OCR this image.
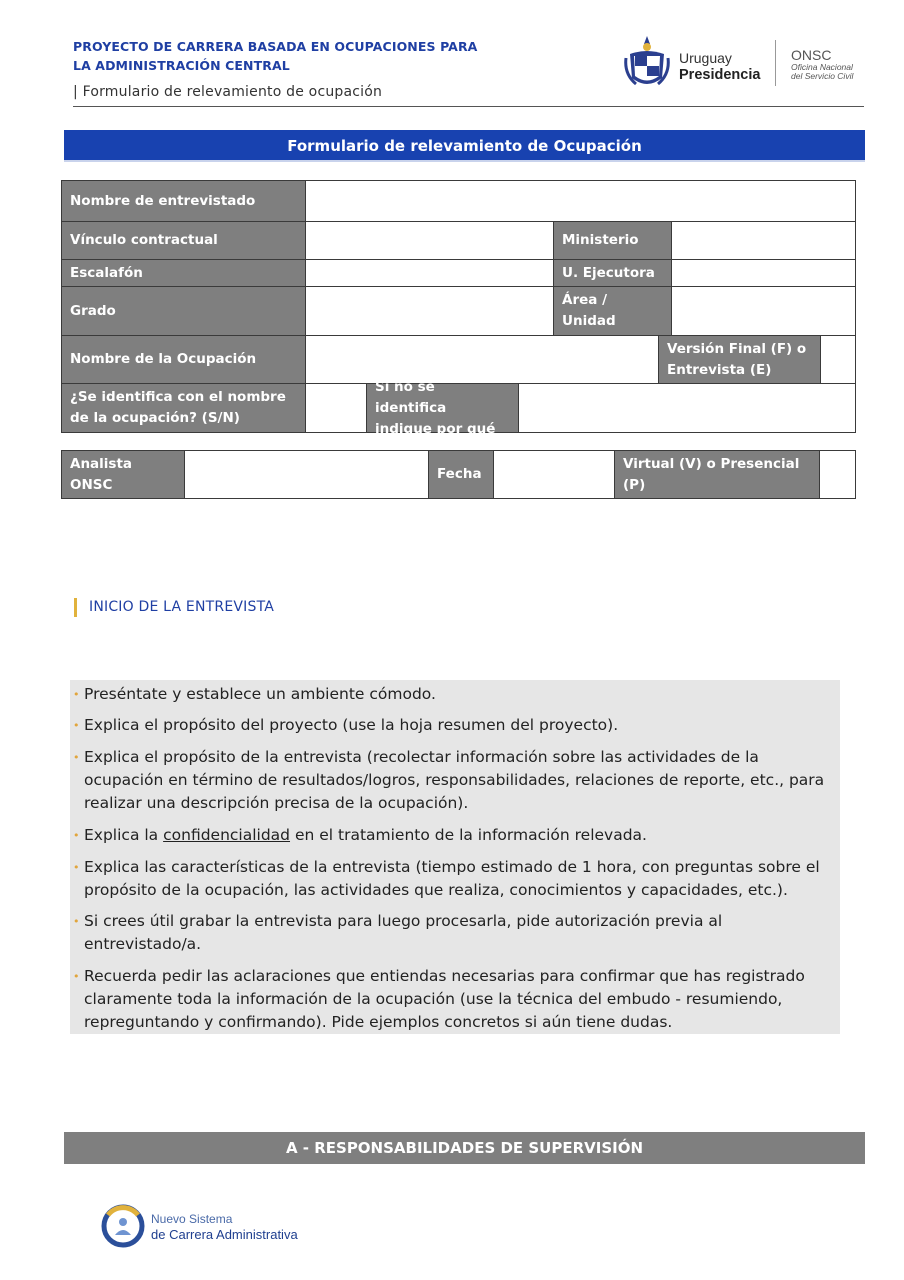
PROYECTO DE CARRERA BASADA EN OCUPACIONES PARA
LA ADMINISTRACIÓN CENTRAL
| Formulario de relevamiento de ocupación
Uruguay
Presidencia
ONSC
Oficina Nacional
del Servicio Civil
Formulario de relevamiento de Ocupación
Nombre de entrevistado
Vínculo contractual	Ministerio
Escalafón	U. Ejecutora
Grado
Área /
Unidad
Nombre de la Ocupación
Versión Final (F) o
Entrevista (E)
¿Se identifica con el nombre
de la ocupación? (S/N)
Si no se identifica
indique por qué
Analista
ONSC
Fecha
Virtual (V) o Presencial
(P)
INICIO DE LA ENTREVISTA
• Preséntate y establece un ambiente cómodo.
• Explica el propósito del proyecto (use la hoja resumen del proyecto).
• Explica el propósito de la entrevista (recolectar información sobre las actividades de la
ocupación en término de resultados/logros, responsabilidades, relaciones de reporte, etc., para
realizar una descripción precisa de la ocupación).
• Explica la confidencialidad en el tratamiento de la información relevada.
• Explica las características de la entrevista (tiempo estimado de 1 hora, con preguntas sobre el
propósito de la ocupación, las actividades que realiza, conocimientos y capacidades, etc.).
• Si crees útil grabar la entrevista para luego procesarla, pide autorización previa al
entrevistado/a.
• Recuerda pedir las aclaraciones que entiendas necesarias para confirmar que has registrado
claramente toda la información de la ocupación (use la técnica del embudo - resumiendo,
repreguntando y confirmando). Pide ejemplos concretos si aún tiene dudas.
A - RESPONSABILIDADES DE SUPERVISIÓN
Nuevo Sistema
de Carrera Administrativa
